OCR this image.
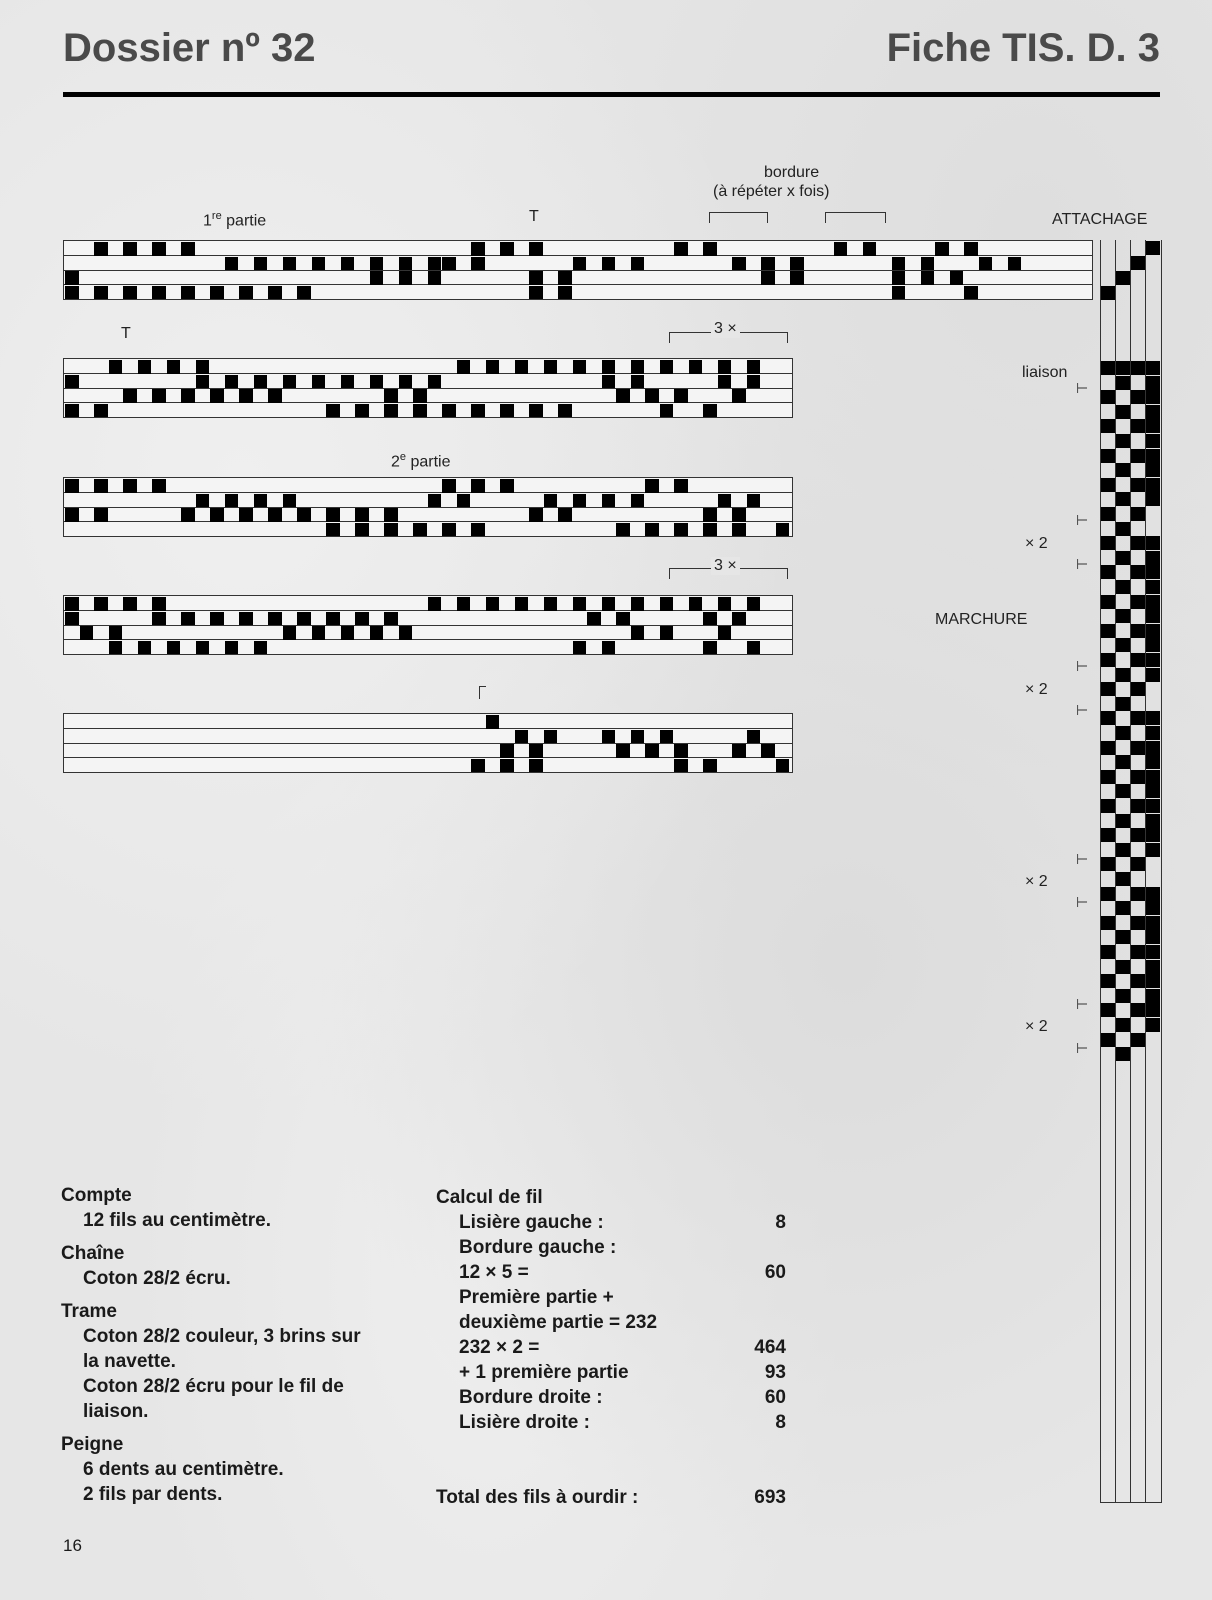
Dossier nº 32	Fiche TIS. D. 3
bordure
(à répéter x fois)
1re partie	T	ATTACHAGE
T	3 ×
$2^e$ partie
3 ×
liaison
⊢
⊢
× 2
⊢
MARCHURE
⊢
× 2
⊢
⊢
× 2
⊢
⊢
× 2
⊢
Compte
12 fils au centimètre.
Chaîne
Coton 28/2 écru.
Trame
Coton 28/2 couleur, 3 brins sur
la navette.
Coton 28/2 écru pour le fil de
liaison.
Peigne
6 dents au centimètre.
2 fils par dents.
Calcul de fil
Lisière gauche :	8
Bordure gauche :
12 × 5 =	60
Première partie +
deuxième partie = 232
232 × 2 =	464
+ 1 première partie	93
Bordure droite :	60
Lisière droite :	8
Total des fils à ourdir :	693
16
